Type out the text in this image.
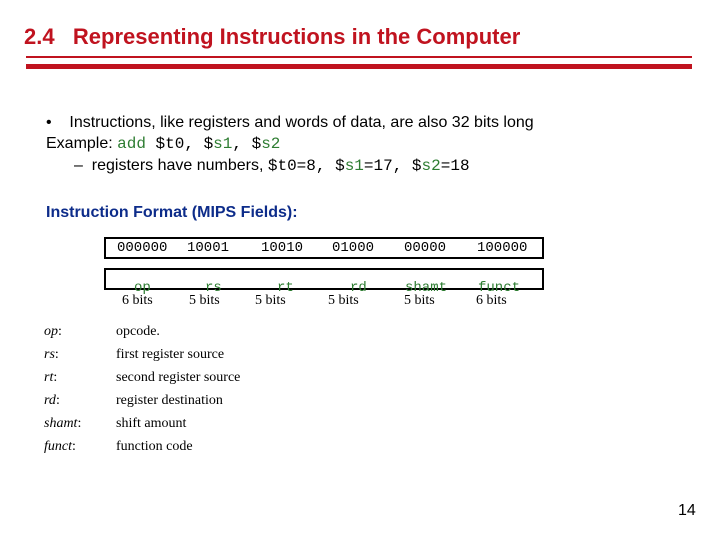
2.4   Representing Instructions in the Computer
• Instructions, like registers and words of data, are also 32 bits long
Example: add $t0, $s1, $s2
– registers have numbers, $t0=8, $s1=17, $s2=18
Instruction Format (MIPS Fields):
000000 10001 10010 01000 00000 100000
op	rs	rt	rd	shamt funct
6 bits	5 bits	5 bits	5 bits	5 bits	6 bits
op:	opcode.
rs:	first register source
rt:	second register source
rd:	register destination
shamt: shift amount
funct:	function code
14
